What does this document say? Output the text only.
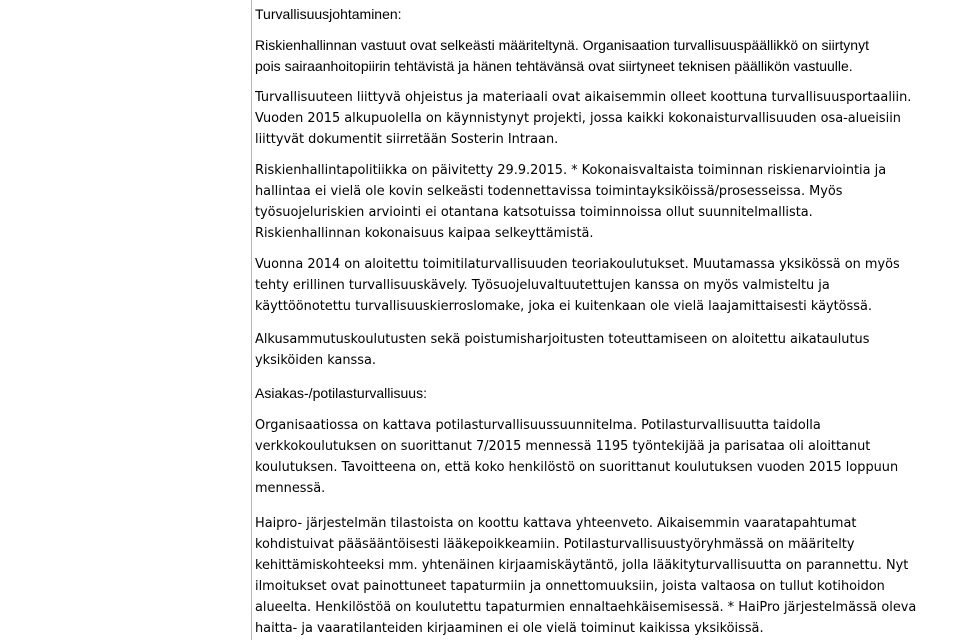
Turvallisuusjohtaminen:
Riskienhallinnan vastuut ovat selkeästi määriteltynä. Organisaation turvallisuuspäällikkö on siirtynyt
pois sairaanhoitopiirin tehtävistä ja hänen tehtävänsä ovat siirtyneet teknisen päällikön vastuulle.
Turvallisuuteen liittyvä ohjeistus ja materiaali ovat aikaisemmin olleet koottuna turvallisuusportaaliin.
Vuoden 2015 alkupuolella on käynnistynyt projekti, jossa kaikki kokonaisturvallisuuden osa-alueisiin
liittyvät dokumentit siirretään Sosterin Intraan.
Riskienhallintapolitiikka on päivitetty 29.9.2015. * Kokonaisvaltaista toiminnan riskienarviointia ja
hallintaa ei vielä ole kovin selkeästi todennettavissa toimintayksiköissä/prosesseissa. Myös
työsuojeluriskien arviointi ei otantana katsotuissa toiminnoissa ollut suunnitelmallista.
Riskienhallinnan kokonaisuus kaipaa selkeyttämistä.
Vuonna 2014 on aloitettu toimitilaturvallisuuden teoriakoulutukset. Muutamassa yksikössä on myös
tehty erillinen turvallisuuskävely. Työsuojeluvaltuutettujen kanssa on myös valmisteltu ja
käyttöönotettu turvallisuuskierroslomake, joka ei kuitenkaan ole vielä laajamittaisesti käytössä.
Alkusammutuskoulutusten sekä poistumisharjoitusten toteuttamiseen on aloitettu aikataulutus
yksiköiden kanssa.
Asiakas-/potilasturvallisuus:
Organisaatiossa on kattava potilasturvallisuussuunnitelma. Potilasturvallisuutta taidolla
verkkokoulutuksen on suorittanut 7/2015 mennessä 1195 työntekijää ja parisataa oli aloittanut
koulutuksen. Tavoitteena on, että koko henkilöstö on suorittanut koulutuksen vuoden 2015 loppuun
mennessä.
Haipro- järjestelmän tilastoista on koottu kattava yhteenveto. Aikaisemmin vaaratapahtumat
kohdistuivat pääsääntöisesti lääkepoikkeamiin. Potilasturvallisuustyöryhmässä on määritelty
kehittämiskohteeksi mm. yhtenäinen kirjaamiskäytäntö, jolla lääkityturvallisuutta on parannettu. Nyt
ilmoitukset ovat painottuneet tapaturmiin ja onnettomuuksiin, joista valtaosa on tullut kotihoidon
alueelta. Henkilöstöä on koulutettu tapaturmien ennaltaehkäisemisessä. * HaiPro järjestelmässä oleva
haitta- ja vaaratilanteiden kirjaaminen ei ole vielä toiminut kaikissa yksiköissä.
